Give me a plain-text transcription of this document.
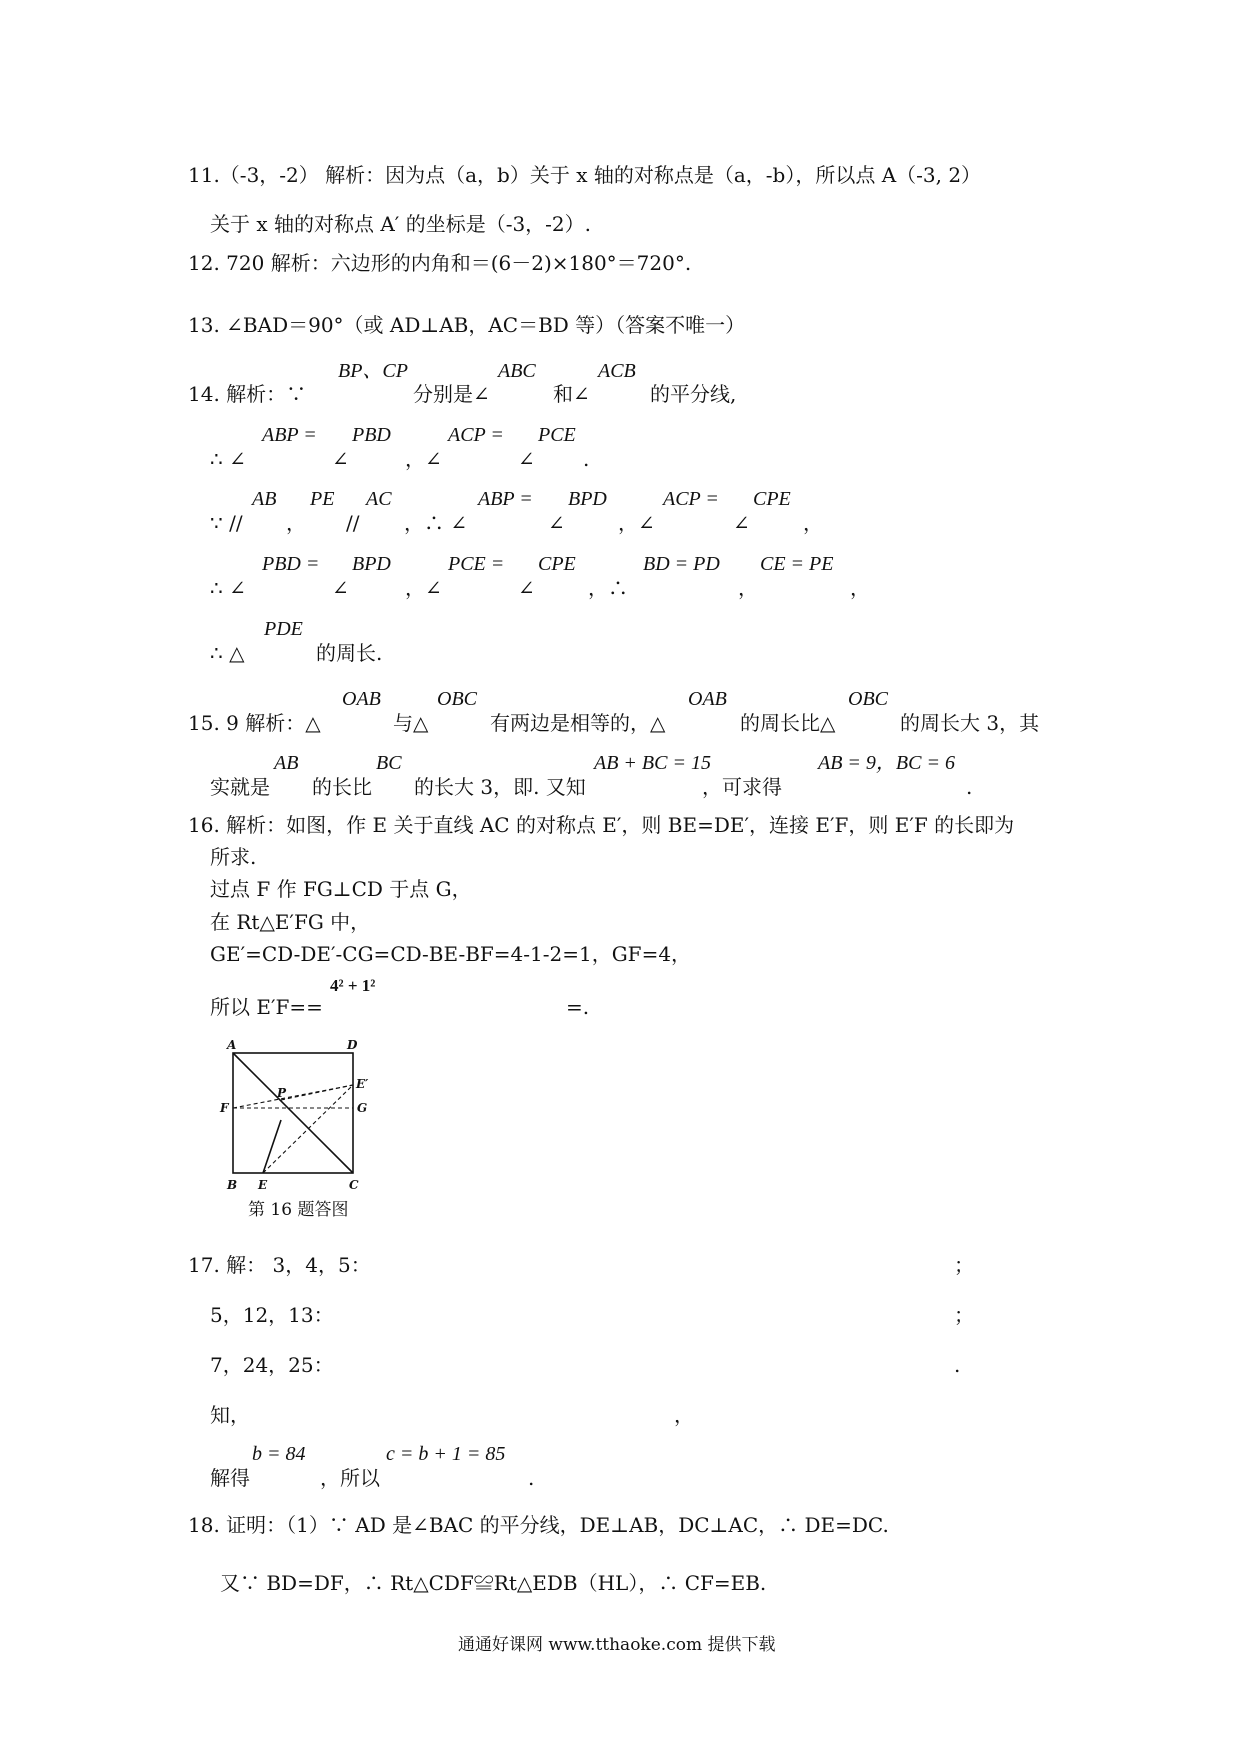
11.（-3，-2） 解析：因为点（a，b）关于 x 轴的对称点是（a，-b），所以点 A（-3, 2）
关于 x 轴的对称点 A′ 的坐标是（-3，-2）.
12. 720 解析：六边形的内角和＝(6－2)×180°＝720°.
13. ∠BAD＝90°（或 AD⊥AB，AC＝BD 等）（答案不唯一）
14. 解析：∵
BP、CP
分别是∠
ABC
和∠
ACB
的平分线,
∴ ∠
ABP =
∠
PBD
，∠
ACP =
∠
PCE
.
∵ //
AB
，
PE
//
AC
，∴ ∠
ABP =
∠
BPD
，∠
ACP =
∠
CPE
，
∴ ∠
PBD =
∠
BPD
，∠
PCE =
∠
CPE
，∴
BD = PD
，
CE = PE
，
∴ △
PDE
的周长.
15. 9 解析：△
OAB
与△
OBC
有两边是相等的，△
OAB
的周长比△
OBC
的周长大 3，其
实就是
AB
的长比
BC
的长大 3，即. 又知
AB + BC = 15
，可求得
AB = 9，BC = 6
.
16. 解析：如图，作 E 关于直线 AC 的对称点 E′，则 BE=DE′，连接 E′F，则 E′F 的长即为
所求.
过点 F 作 FG⊥CD 于点 G，
在 Rt△E′FG 中，
GE′=CD-DE′-CG=CD-BE-BF=4-1-2=1，GF=4，
所以 E′F==
4² + 1²
=.
A	D
B	C
E
F	G
P
E′
第 16 题答图
17. 解： 3，4，5：	；
5，12，13：	；
7，24，25：	.
知，	，
解得
b = 84
，所以
c = b + 1 = 85
.
18. 证明：（1）∵ AD 是∠BAC 的平分线，DE⊥AB，DC⊥AC，∴ DE=DC.
又∵ BD=DF，∴ Rt△CDF≌Rt△EDB（HL），∴ CF=EB.
通通好课网 www.tthaoke.com 提供下载
